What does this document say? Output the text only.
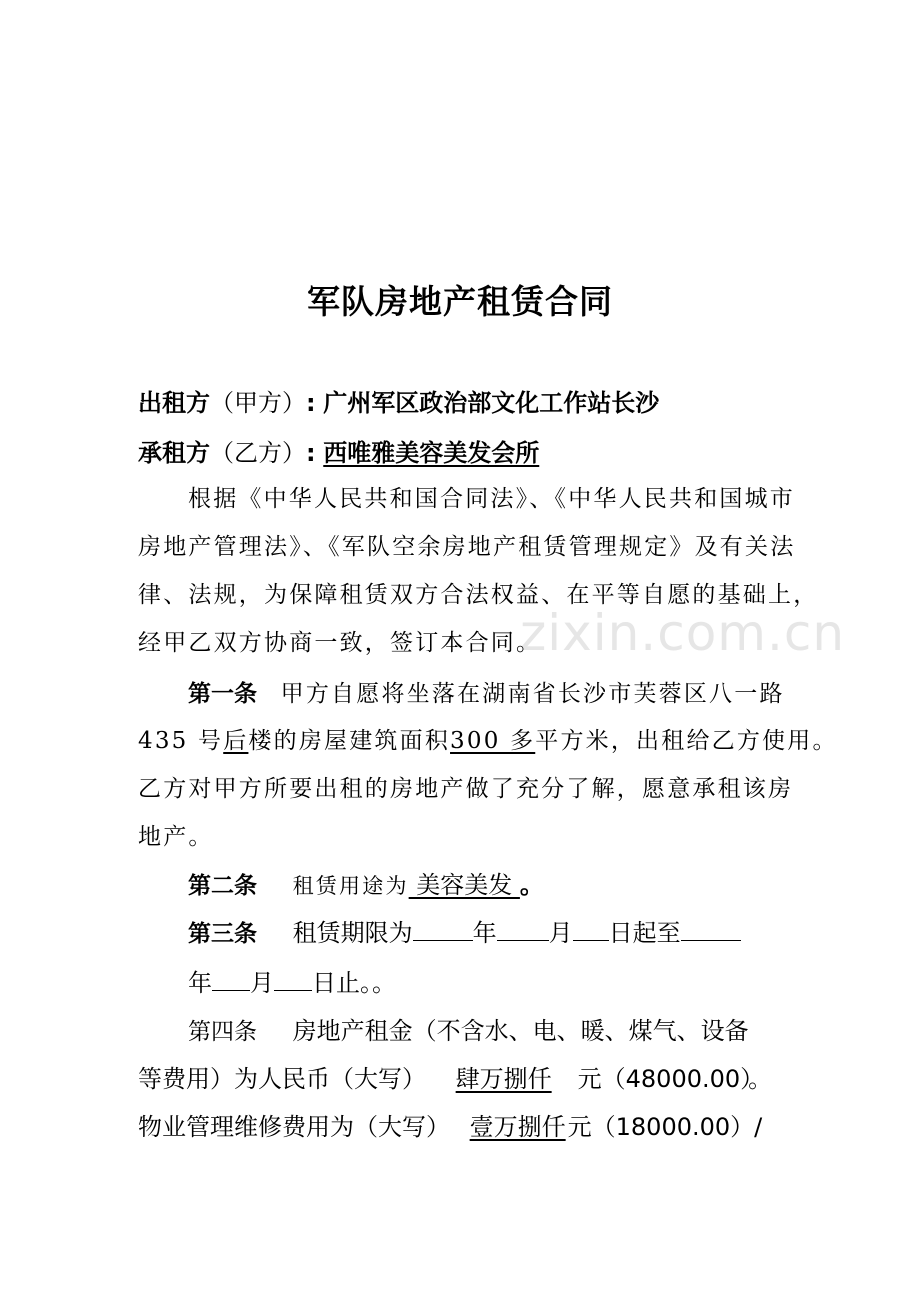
zixin.com.cn
军队房地产租赁合同
出租方（甲方）: 广州军区政治部文化工作站长沙
承租方（乙方）: 西唯雅美容美发会所
根据《中华人民共和国合同法》、《中华人民共和国城市
房地产管理法》、《军队空余房地产租赁管理规定》及有关法
律、法规，为保障租赁双方合法权益、在平等自愿的基础上，
经甲乙双方协商一致，签订本合同。
第一条 甲方自愿将坐落在湖南省长沙市芙蓉区八一路
435 号后楼的房屋建筑面积300 多平方米，出租给乙方使用。
乙方对甲方所要出租的房地产做了充分了解，愿意承租该房
地产。
第二条 租赁用途为 美容美发 。
第三条 租赁期限为	年 月 日起至
年 月 日止。。
第四条 房地产租金（不含水、电、暖、煤气、设备
等费用）为人民币（大写） 肆万捌仟 元（48000.00）。
物业管理维修费用为（大写） 壹万捌仟元（18000.00）/
